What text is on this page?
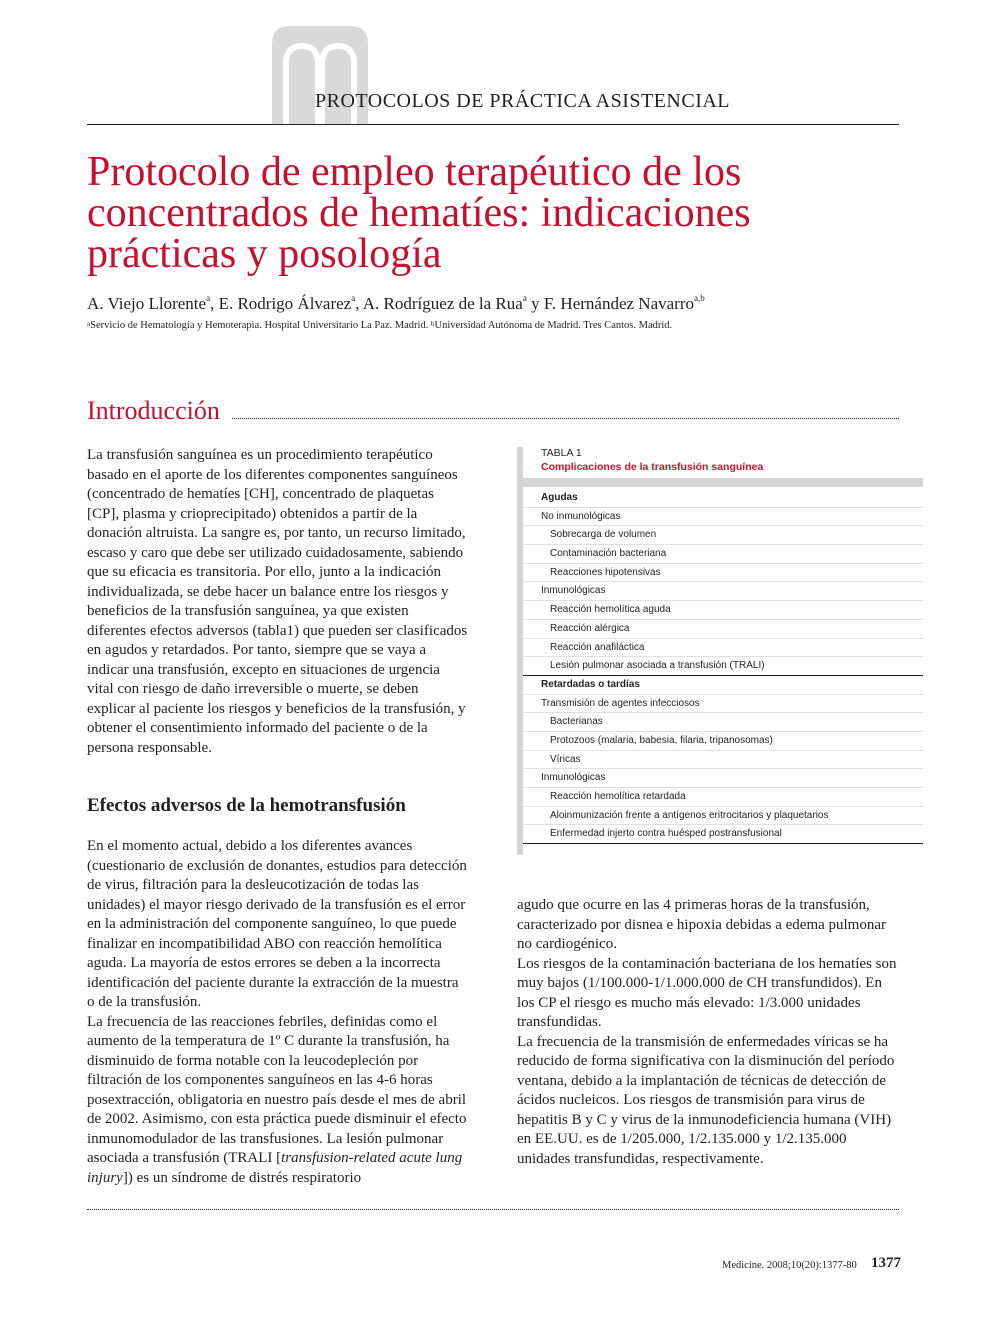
PROTOCOLOS DE PRÁCTICA ASISTENCIAL
Protocolo de empleo terapéutico de los concentrados de hematíes: indicaciones prácticas y posología
A. Viejo Llorente$^a$, E. Rodrigo Álvarez$^a$, A. Rodríguez de la Rua$^a$ y F. Hernández Navarro$^{a,b}$
$^a$Servicio de Hematología y Hemoterapia. Hospital Universitario La Paz. Madrid. $^b$Universidad Autónoma de Madrid. Tres Cantos. Madrid.
Introducción

La transfusión sanguínea es un procedimiento terapéutico basado en el aporte de los diferentes componentes sanguíneos (concentrado de hematíes [CH], concentrado de plaquetas [CP], plasma y crioprecipitado) obtenidos a partir de la donación altruista. La sangre es, por tanto, un recurso limitado, escaso y caro que debe ser utilizado cuidadosamente, sabiendo que su eficacia es transitoria. Por ello, junto a la indicación individualizada, se debe hacer un balance entre los riesgos y beneficios de la transfusión sanguínea, ya que existen diferentes efectos adversos (tabla1) que pueden ser clasificados en agudos y retardados. Por tanto, siempre que se vaya a indicar una transfusión, excepto en situaciones de urgencia vital con riesgo de daño irreversible o muerte, se deben explicar al paciente los riesgos y beneficios de la transfusión, y obtener el consentimiento informado del paciente o de la persona responsable.

Efectos adversos de la hemotransfusión

En el momento actual, debido a los diferentes avances (cuestionario de exclusión de donantes, estudios para detección de virus, filtración para la desleucotización de todas las unidades) el mayor riesgo derivado de la transfusión es el error en la administración del componente sanguíneo, lo que puede finalizar en incompatibilidad ABO con reacción hemolítica aguda. La mayoría de estos errores se deben a la incorrecta identificación del paciente durante la extracción de la muestra o de la transfusión.

La frecuencia de las reacciones febriles, definidas como el aumento de la temperatura de 1º C durante la transfusión, ha disminuido de forma notable con la leucodepleción por filtración de los componentes sanguíneos en las 4-6 horas posextracción, obligatoria en nuestro país desde el mes de abril de 2002. Asimismo, con esta práctica puede disminuir el efecto inmunomodulador de las transfusiones. La lesión pulmonar asociada a transfusión (TRALI [transfusion-related acute lung injury]) es un síndrome de distrés respiratorio

TABLA 1
Complicaciones de la transfusión sanguínea
Agudas
No inmunológicas
Sobrecarga de volumen
Contaminación bacteriana
Reacciones hipotensivas
Inmunológicas
Reacción hemolítica aguda
Reacción alérgica
Reacción anafiláctica
Lesión pulmonar asociada a transfusión (TRALI)
Retardadas o tardías
Transmisión de agentes infecciosos
Bacterianas
Protozoos (malaria, babesia, filaria, tripanosomas)
Víricas
Inmunológicas
Reacción hemolítica retardada
Aloinmunización frente a antígenos eritrocitarios y plaquetarios
Enfermedad injerto contra huésped postransfusional

agudo que ocurre en las 4 primeras horas de la transfusión, caracterizado por disnea e hipoxia debidas a edema pulmonar no cardiogénico.

Los riesgos de la contaminación bacteriana de los hematíes son muy bajos (1/100.000-1/1.000.000 de CH transfundidos). En los CP el riesgo es mucho más elevado: 1/3.000 unidades transfundidas.

La frecuencia de la transmisión de enfermedades víricas se ha reducido de forma significativa con la disminución del período ventana, debido a la implantación de técnicas de detección de ácidos nucleicos. Los riesgos de transmisión para virus de hepatitis B y C y virus de la inmunodeficiencia humana (VIH) en EE.UU. es de 1/205.000, 1/2.135.000 y 1/2.135.000 unidades transfundidas, respectivamente.

Medicine. 2008;10(20):1377-80 1377
